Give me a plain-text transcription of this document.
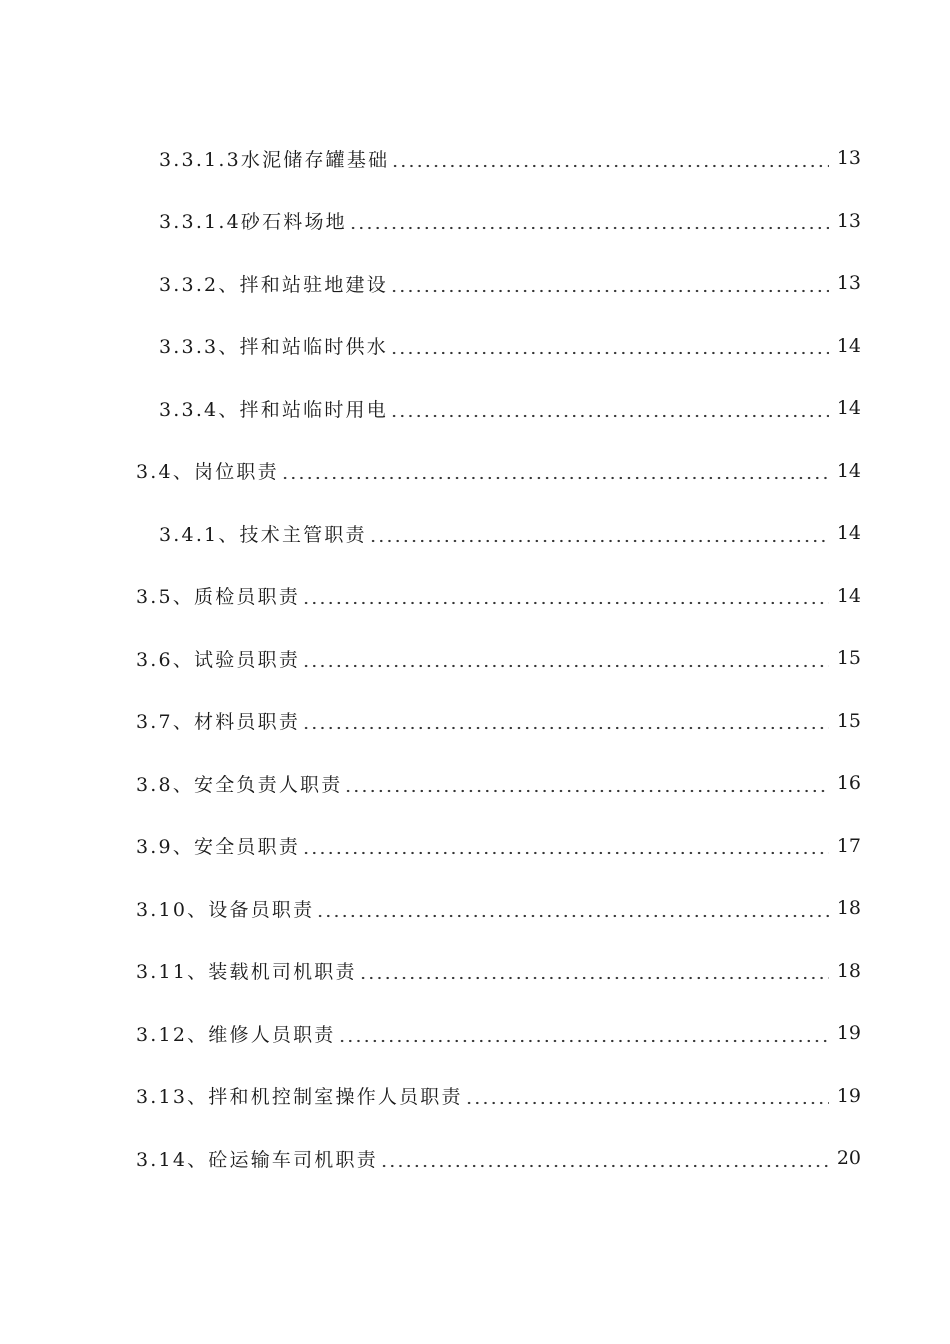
3.3.1.3水泥储存罐基础	13
3.3.1.4砂石料场地	13
3.3.2、拌和站驻地建设	13
3.3.3、拌和站临时供水	14
3.3.4、拌和站临时用电	14
3.4、岗位职责	14
3.4.1、技术主管职责	14
3.5、质检员职责	14
3.6、试验员职责	15
3.7、材料员职责	15
3.8、安全负责人职责	16
3.9、安全员职责	17
3.10、设备员职责	18
3.11、装载机司机职责	18
3.12、维修人员职责	19
3.13、拌和机控制室操作人员职责	19
3.14、砼运输车司机职责	20
